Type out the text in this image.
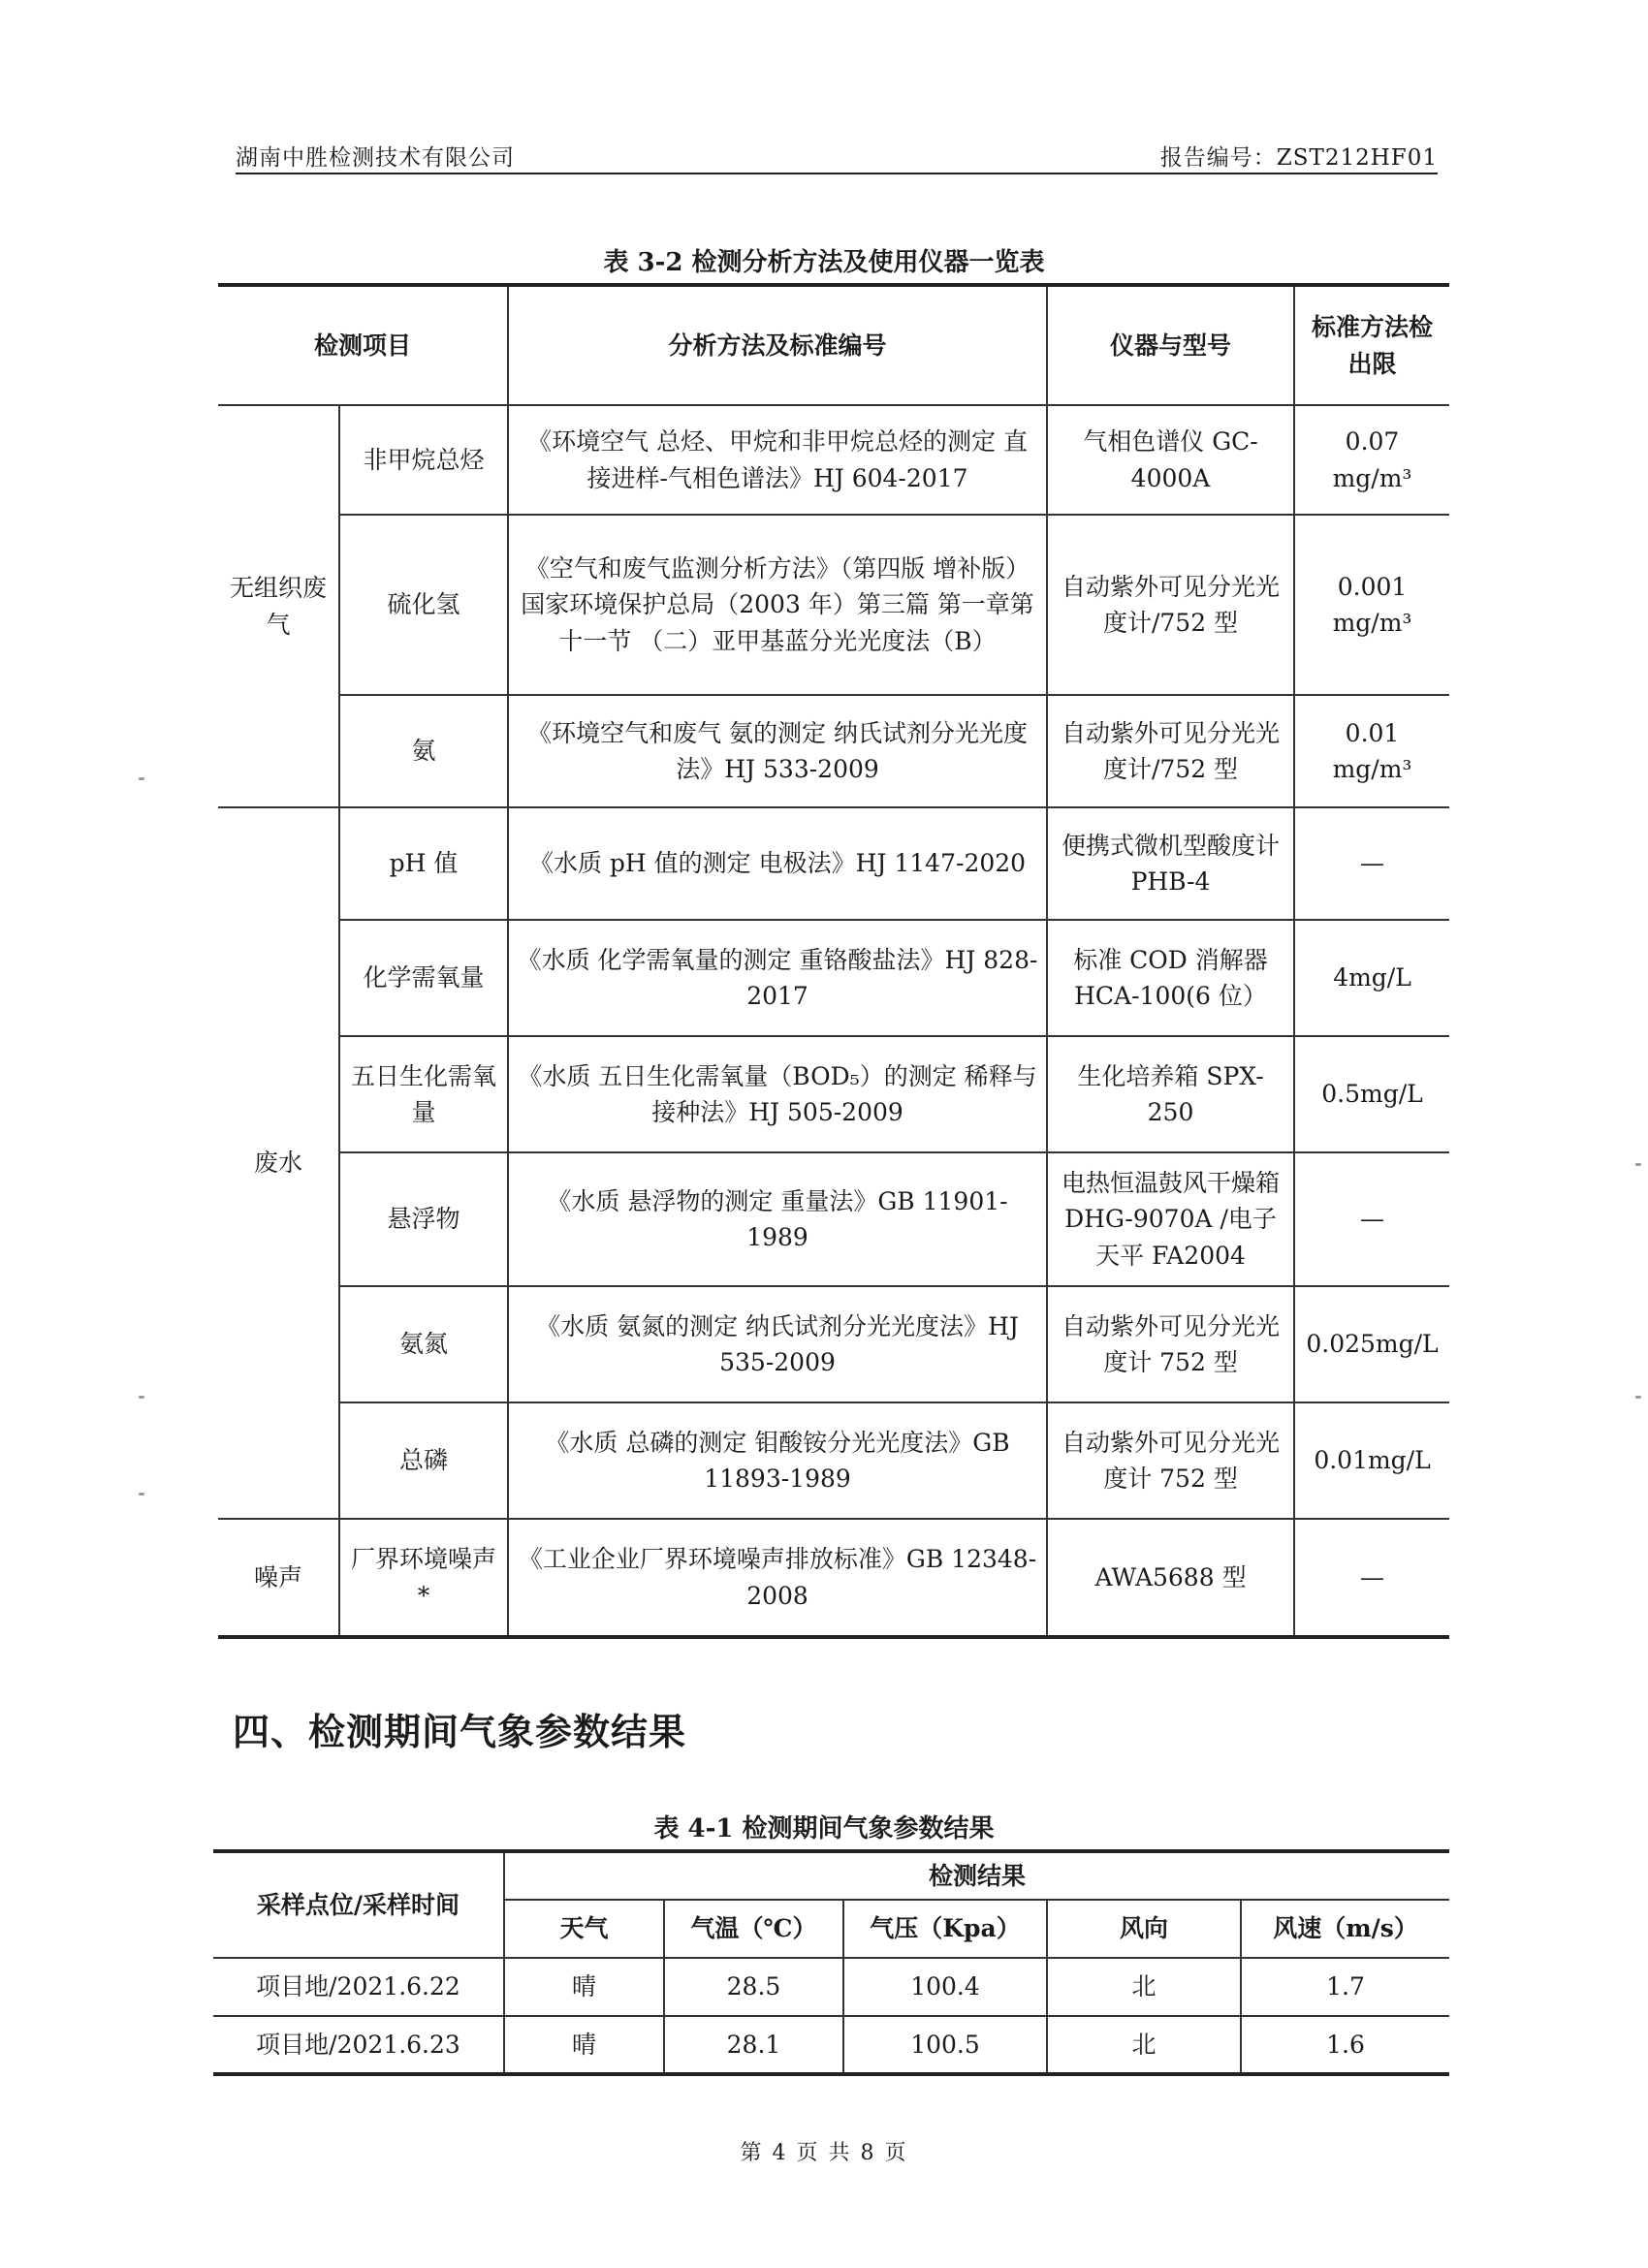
湖南中胜检测技术有限公司	报告编号：ZST212HF01
表 3-2 检测分析方法及使用仪器一览表
检测项目		分析方法及标准编号	仪器与型号	标准方法检出限
无组织废气	非甲烷总烃	《环境空气 总烃、甲烷和非甲烷总烃的测定 直接进样-气相色谱法》HJ 604-2017	气相色谱仪 GC-4000A	0.07 mg/m³
	硫化氢	《空气和废气监测分析方法》（第四版 增补版）国家环境保护总局（2003 年）第三篇 第一章第十一节 （二）亚甲基蓝分光光度法（B）	自动紫外可见分光光度计/752 型	0.001 mg/m³
	氨	《环境空气和废气 氨的测定 纳氏试剂分光光度法》HJ 533-2009	自动紫外可见分光光度计/752 型	0.01 mg/m³
废水	pH 值	《水质 pH 值的测定 电极法》HJ 1147-2020	便携式微机型酸度计 PHB-4	—
	化学需氧量	《水质 化学需氧量的测定 重铬酸盐法》HJ 828-2017	标准 COD 消解器 HCA-100(6 位）	4mg/L
	五日生化需氧量	《水质 五日生化需氧量（BOD₅）的测定 稀释与接种法》HJ 505-2009	生化培养箱 SPX-250	0.5mg/L
	悬浮物	《水质 悬浮物的测定 重量法》GB 11901-1989	电热恒温鼓风干燥箱 DHG-9070A /电子天平 FA2004	—
	氨氮	《水质 氨氮的测定 纳氏试剂分光光度法》HJ 535-2009	自动紫外可见分光光度计 752 型	0.025mg/L
	总磷	《水质 总磷的测定 钼酸铵分光光度法》GB 11893-1989	自动紫外可见分光光度计 752 型	0.01mg/L
噪声	厂界环境噪声*	《工业企业厂界环境噪声排放标准》GB 12348-2008	AWA5688 型	—
四、检测期间气象参数结果
表 4-1 检测期间气象参数结果
采样点位/采样时间	检测结果				
	天气	气温（℃）	气压（Kpa）	风向	风速（m/s）
项目地/2021.6.22	晴	28.5	100.4	北	1.7
项目地/2021.6.23	晴	28.1	100.5	北	1.6
第 4 页 共 8 页
